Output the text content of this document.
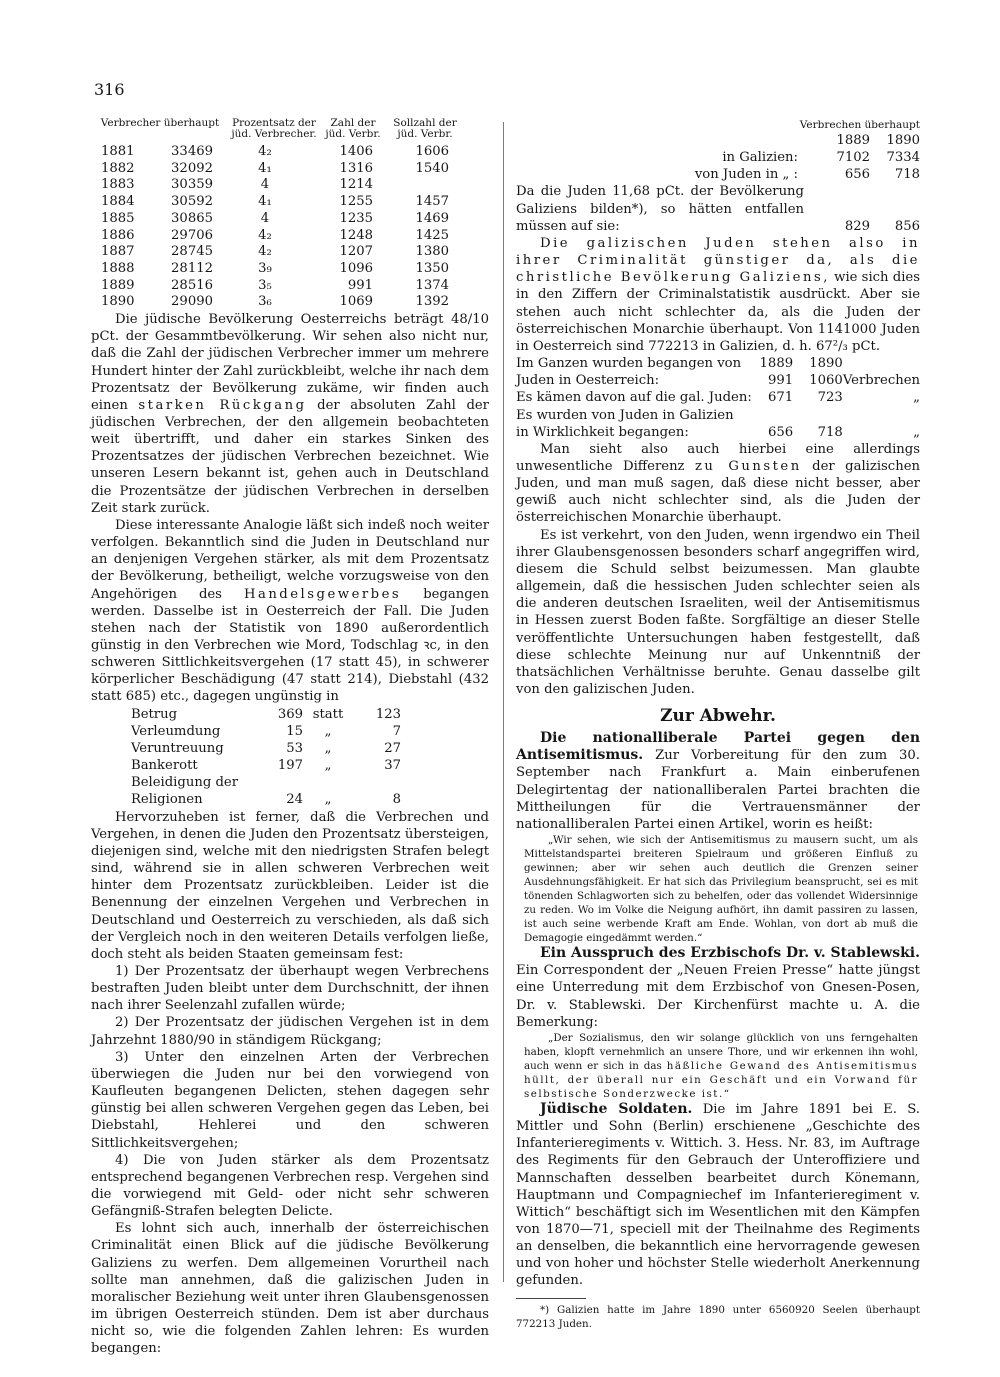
316
Verbrecher überhaupt	Prozentsatz der jüd. Verbrecher.
Zahl der jüd. Verbr.
Sollzahl der jüd. Verbr.
1881	33469	4₂	1406	1606
1882	32092	4₁	1316	1540
1883	30359	4	1214	
1884	30592	4₁	1255	1457
1885	30865	4	1235	1469
1886	29706	4₂	1248	1425
1887	28745	4₂	1207	1380
1888	28112	3₉	1096	1350
1889	28516	3₅	991	1374
1890	29090	3₆	1069	1392

Die jüdische Bevölkerung Oesterreichs beträgt 48/10 pCt. der Gesammtbevölkerung. Wir sehen also nicht nur, daß die Zahl der jüdischen Verbrecher immer um mehrere Hundert hinter der Zahl zurückbleibt, welche ihr nach dem Prozentsatz der Bevölkerung zukäme, wir finden auch einen starken Rückgang der absoluten Zahl der jüdischen Verbrechen, der den allgemein beobachteten weit übertrifft, und daher ein starkes Sinken des Prozentsatzes der jüdischen Verbrechen bezeichnet. Wie unseren Lesern bekannt ist, gehen auch in Deutschland die Prozentsätze der jüdischen Verbrechen in derselben Zeit stark zurück.

Diese interessante Analogie läßt sich indeß noch weiter verfolgen. Bekanntlich sind die Juden in Deutschland nur an denjenigen Vergehen stärker, als mit dem Prozentsatz der Bevölkerung, betheiligt, welche vorzugsweise von den Angehörigen des Handelsgewerbes begangen werden. Dasselbe ist in Oesterreich der Fall. Die Juden stehen nach der Statistik von 1890 außerordentlich günstig in den Verbrechen wie Mord, Todschlag ꝛc, in den schweren Sittlichkeitsvergehen (17 statt 45), in schwerer körperlicher Beschädigung (47 statt 214), Diebstahl (432 statt 685) etc., dagegen ungünstig in

Betrug	369	statt	123
Verleumdung	15	„	7
Veruntreuung	53	„	27
Bankerott	197	„	37
Beleidigung der			
Religionen	24	„	8

Hervorzuheben ist ferner, daß die Verbrechen und Vergehen, in denen die Juden den Prozentsatz übersteigen, diejenigen sind, welche mit den niedrigsten Strafen belegt sind, während sie in allen schweren Verbrechen weit hinter dem Prozentsatz zurückbleiben. Leider ist die Benennung der einzelnen Vergehen und Verbrechen in Deutschland und Oesterreich zu verschieden, als daß sich der Vergleich noch in den weiteren Details verfolgen ließe, doch steht als beiden Staaten gemeinsam fest:

1) Der Prozentsatz der überhaupt wegen Verbrechens bestraften Juden bleibt unter dem Durchschnitt, der ihnen nach ihrer Seelenzahl zufallen würde;

2) Der Prozentsatz der jüdischen Vergehen ist in dem Jahrzehnt 1880/90 in ständigem Rückgang;

3) Unter den einzelnen Arten der Verbrechen überwiegen die Juden nur bei den vorwiegend von Kaufleuten begangenen Delicten, stehen dagegen sehr günstig bei allen schweren Vergehen gegen das Leben, bei Diebstahl, Hehlerei und den schweren Sittlichkeitsvergehen;

4) Die von Juden stärker als dem Prozentsatz entsprechend begangenen Verbrechen resp. Vergehen sind die vorwiegend mit Geld- oder nicht sehr schweren Gefängniß-Strafen belegten Delicte.

Es lohnt sich auch, innerhalb der österreichischen Criminalität einen Blick auf die jüdische Bevölkerung Galiziens zu werfen. Dem allgemeinen Vorurtheil nach sollte man annehmen, daß die galizischen Juden in moralischer Beziehung weit unter ihren Glaubensgenossen im übrigen Oesterreich stünden. Dem ist aber durchaus nicht so, wie die folgenden Zahlen lehren: Es wurden begangen:

Verbrechen überhaupt
	1889	1890
in Galizien:	7102	7334
von Juden in „ :	656	718
Da die Juden 11,68 pCt. der Bevölkerung Galiziens bilden*), so hätten entfallen müssen auf sie:	829	856

Die galizischen Juden stehen also in ihrer Criminalität günstiger da, als die christliche Bevölkerung Galiziens, wie sich dies in den Ziffern der Criminalstatistik ausdrückt. Aber sie stehen auch nicht schlechter da, als die Juden der österreichischen Monarchie überhaupt. Von 1141000 Juden in Oesterreich sind 772213 in Galizien, d. h. 67²/₃ pCt.

Im Ganzen wurden begangen von	1889	1890	
Juden in Oesterreich:	991	1060	Verbrechen
Es kämen davon auf die gal. Juden:	671	723	„
Es wurden von Juden in Galizien			
in Wirklichkeit begangen:	656	718	„

Man sieht also auch hierbei eine allerdings unwesentliche Differenz zu Gunsten der galizischen Juden, und man muß sagen, daß diese nicht besser, aber gewiß auch nicht schlechter sind, als die Juden der österreichischen Monarchie überhaupt.

Es ist verkehrt, von den Juden, wenn irgendwo ein Theil ihrer Glaubensgenossen besonders scharf angegriffen wird, diesem die Schuld selbst beizumessen. Man glaubte allgemein, daß die hessischen Juden schlechter seien als die anderen deutschen Israeliten, weil der Antisemitismus in Hessen zuerst Boden faßte. Sorgfältige an dieser Stelle veröffentlichte Untersuchungen haben festgestellt, daß diese schlechte Meinung nur auf Unkenntniß der thatsächlichen Verhältnisse beruhte. Genau dasselbe gilt von den galizischen Juden.

Zur Abwehr.

Die nationalliberale Partei gegen den Antisemitismus. Zur Vorbereitung für den zum 30. September nach Frankfurt a. Main einberufenen Delegirtentag der nationalliberalen Partei brachten die Mittheilungen für die Vertrauensmänner der nationalliberalen Partei einen Artikel, worin es heißt:

„Wir sehen, wie sich der Antisemitismus zu mausern sucht, um als Mittelstandspartei breiteren Spielraum und größeren Einfluß zu gewinnen; aber wir sehen auch deutlich die Grenzen seiner Ausdehnungsfähigkeit. Er hat sich das Privilegium beansprucht, sei es mit tönenden Schlagworten sich zu behelfen, oder das vollendet Widersinnige zu reden. Wo im Volke die Neigung aufhört, ihn damit passiren zu lassen, ist auch seine werbende Kraft am Ende. Wohlan, von dort ab muß die Demagogie eingedämmt werden.“

Ein Ausspruch des Erzbischofs Dr. v. Stablewski. Ein Correspondent der „Neuen Freien Presse“ hatte jüngst eine Unterredung mit dem Erzbischof von Gnesen-Posen, Dr. v. Stablewski. Der Kirchenfürst machte u. A. die Bemerkung:

„Der Sozialismus, den wir solange glücklich von uns ferngehalten haben, klopft vernehmlich an unsere Thore, und wir erkennen ihn wohl, auch wenn er sich in das häßliche Gewand des Antisemitismus hüllt, der überall nur ein Geschäft und ein Vorwand für selbstische Sonderzwecke ist.“

Jüdische Soldaten. Die im Jahre 1891 bei E. S. Mittler und Sohn (Berlin) erschienene „Geschichte des Infanterieregiments v. Wittich. 3. Hess. Nr. 83, im Auftrage des Regiments für den Gebrauch der Unteroffiziere und Mannschaften desselben bearbeitet durch Könemann, Hauptmann und Compagniechef im Infanterieregiment v. Wittich“ beschäftigt sich im Wesentlichen mit den Kämpfen von 1870—71, speciell mit der Theilnahme des Regiments an denselben, die bekanntlich eine hervorragende gewesen und von hoher und höchster Stelle wiederholt Anerkennung gefunden.

*) Galizien hatte im Jahre 1890 unter 6560920 Seelen überhaupt 772213 Juden.
